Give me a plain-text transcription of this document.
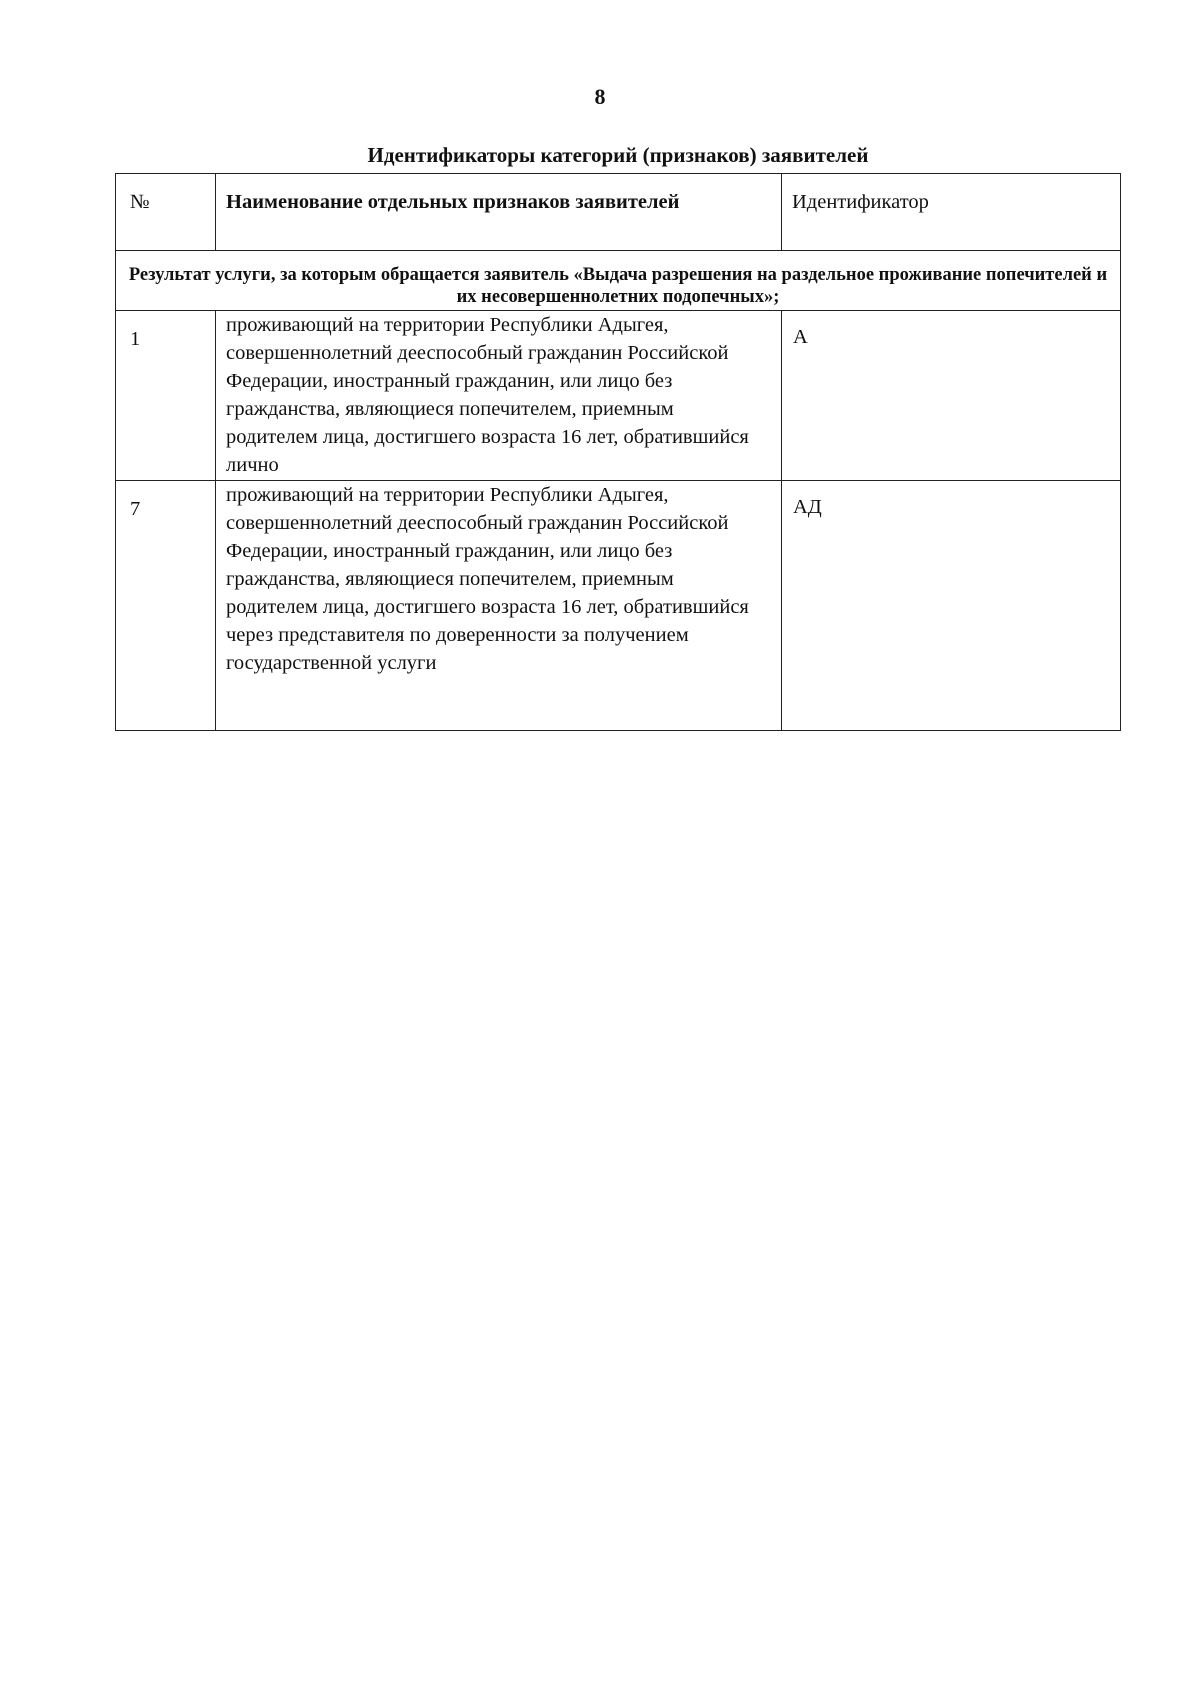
8
Идентификаторы категорий (признаков) заявителей
№	Наименование отдельных признаков заявителей	Идентификатор
Результат услуги, за которым обращается заявитель «Выдача разрешения на раздельное проживание попечителей и их несовершеннолетних подопечных»;		
1	проживающий на территории Республики Адыгея, совершеннолетний дееспособный гражданин Российской Федерации, иностранный гражданин, или лицо без гражданства, являющиеся попечителем, приемным родителем лица, достигшего возраста 16 лет, обратившийся лично	А
7	проживающий на территории Республики Адыгея, совершеннолетний дееспособный гражданин Российской Федерации, иностранный гражданин, или лицо без гражданства, являющиеся попечителем, приемным родителем лица, достигшего возраста 16 лет, обратившийся через представителя по доверенности за получением государственной услуги	АД
